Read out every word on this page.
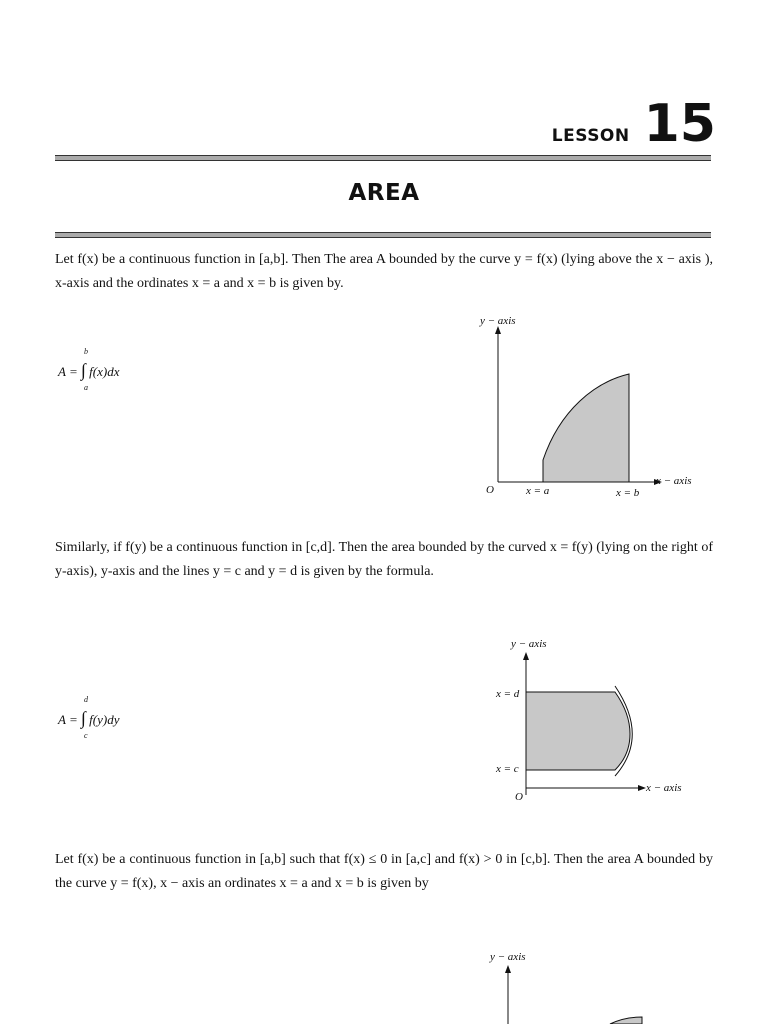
LESSON 15
AREA

Let f(x) be a continuous function in [a,b]. Then The area A bounded by the curve y = f(x) (lying above the x − axis ), x-axis and the ordinates x = a and x = b is given by.

A = ∫ f(x)dx
b
a
y − axis
x − axis
O	x = a	x = b

Similarly, if f(y) be a continuous function in [c,d]. Then the area bounded by the curved x = f(y) (lying on the right of y-axis), y-axis and the lines y = c and y = d is given by the formula.

A = ∫ f(y)dy
d
c
y − axis
x − axis
O
x = d
x = c

Let f(x) be a continuous function in [a,b] such that f(x) ≤ 0 in [a,c] and f(x) > 0 in [c,b]. Then the area A bounded by the curve y = f(x), x − axis an ordinates x = a and x = b is given by

y − axis
